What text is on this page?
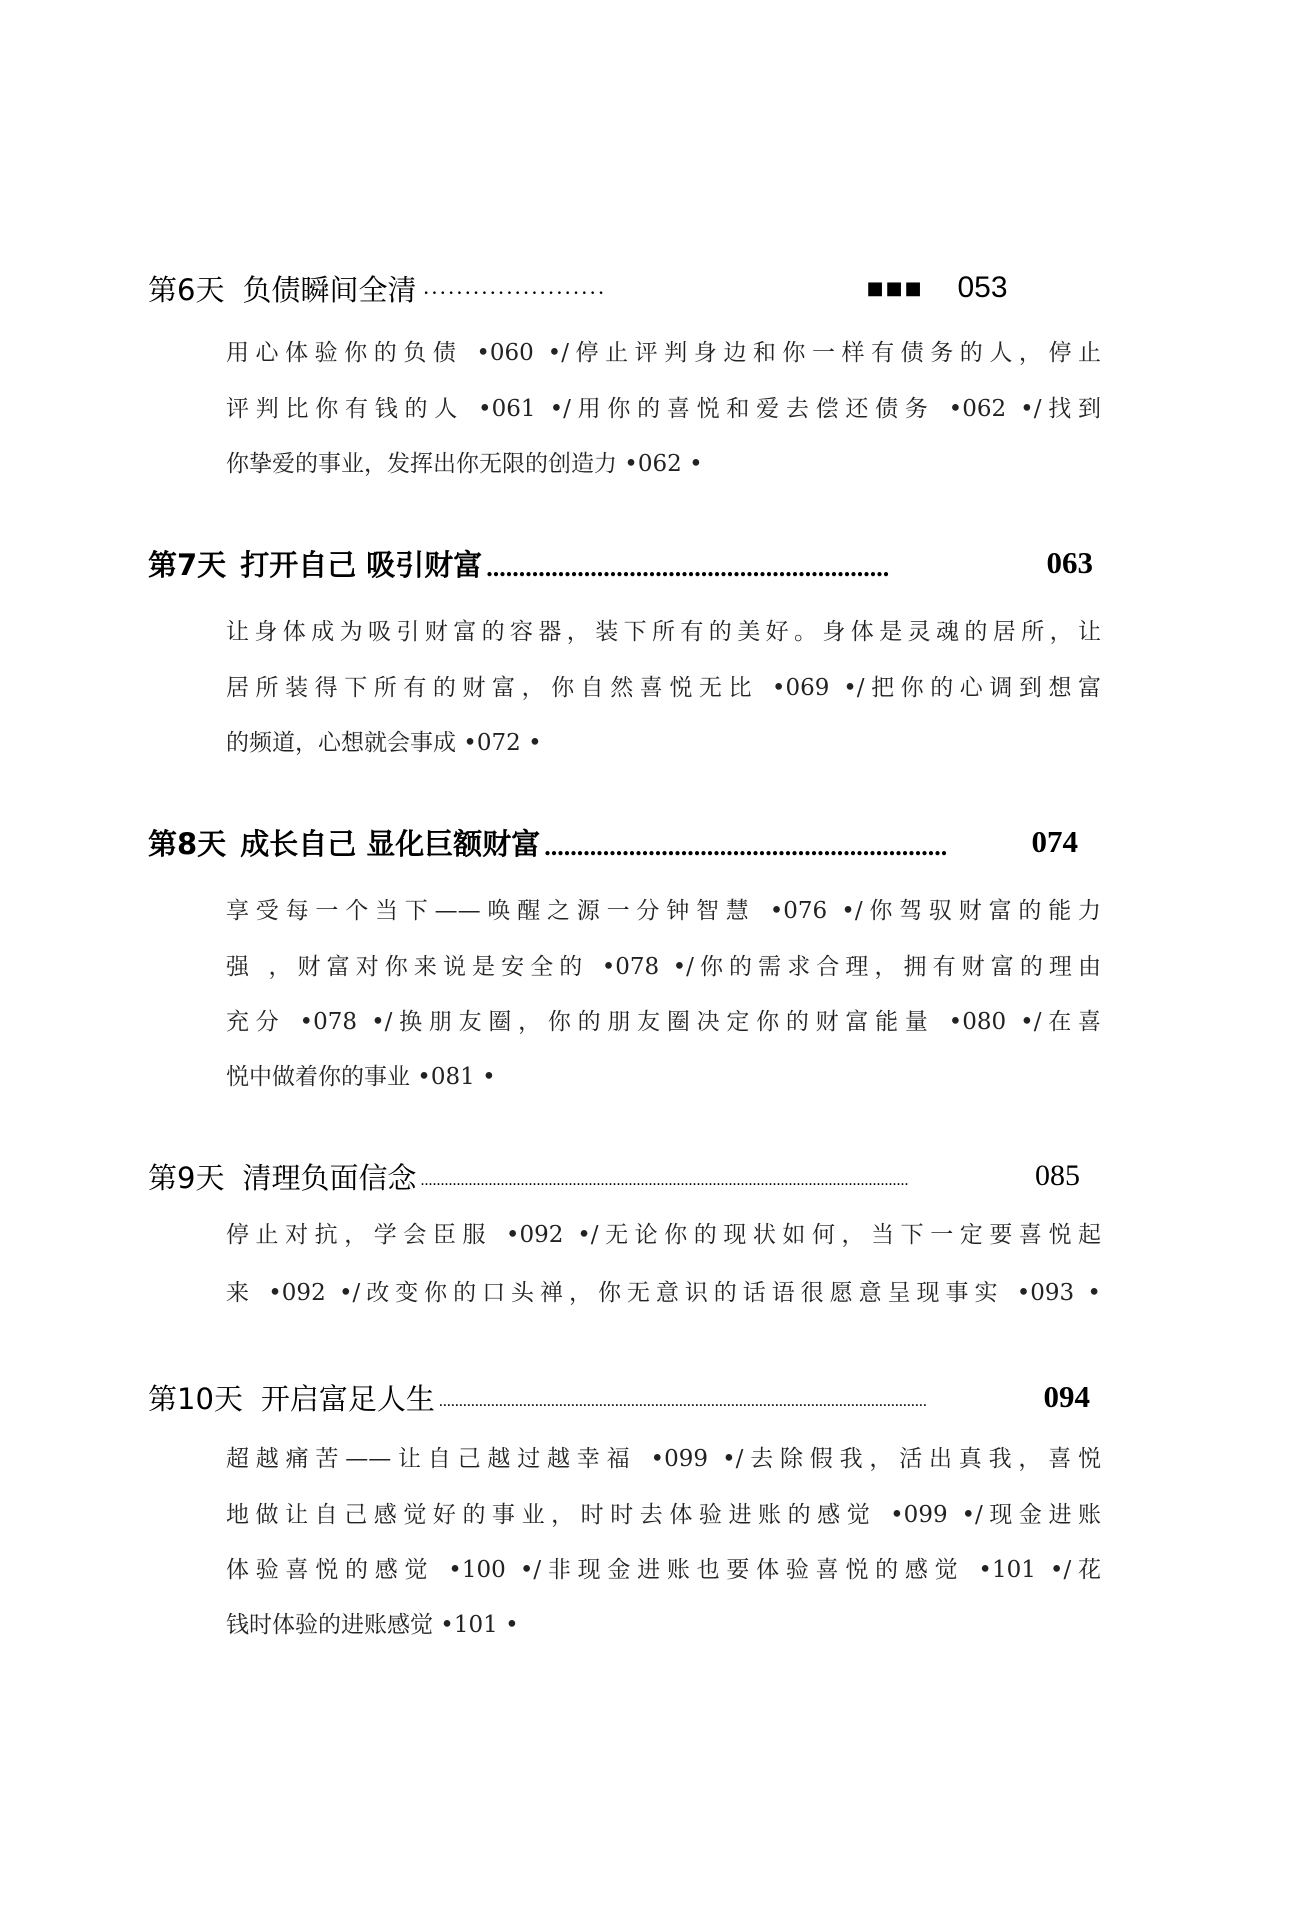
第6天 负债瞬间全清 ······················	■■■ 053
用心体验你的负债 •060 •/停止评判身边和你一样有债务的人，停止
评判比你有钱的人 •061 •/用你的喜悦和爱去偿还债务 •062 •/找到
你挚爱的事业，发挥出你无限的创造力 •062 •
第7天 打开自己 吸引财富 ..............................................................	063
让身体成为吸引财富的容器，装下所有的美好。身体是灵魂的居所，让
居所装得下所有的财富，你自然喜悦无比 •069 •/把你的心调到想富
的频道，心想就会事成 •072 •
第8天 成长自己 显化巨额财富 ..............................................................	074
享受每一个当下——唤醒之源一分钟智慧 •076 •/你驾驭财富的能力
强 ，财富对你来说是安全的 •078 •/你的需求合理，拥有财富的理由
充分 •078 •/换朋友圈，你的朋友圈决定你的财富能量 •080 •/在喜
悦中做着你的事业 •081 •
第9天 清理负面信念 ..........................................................................................................................	085
停止对抗，学会臣服 •092 •/无论你的现状如何，当下一定要喜悦起
来 •092 •/改变你的口头禅，你无意识的话语很愿意呈现事实 •093 •
第10天 开启富足人生 ..........................................................................................................................	094
超越痛苦——让自己越过越幸福 •099 •/去除假我，活出真我，喜悦
地做让自己感觉好的事业，时时去体验进账的感觉 •099 •/现金进账
体验喜悦的感觉 •100 •/非现金进账也要体验喜悦的感觉 •101 •/花
钱时体验的进账感觉 •101 •
